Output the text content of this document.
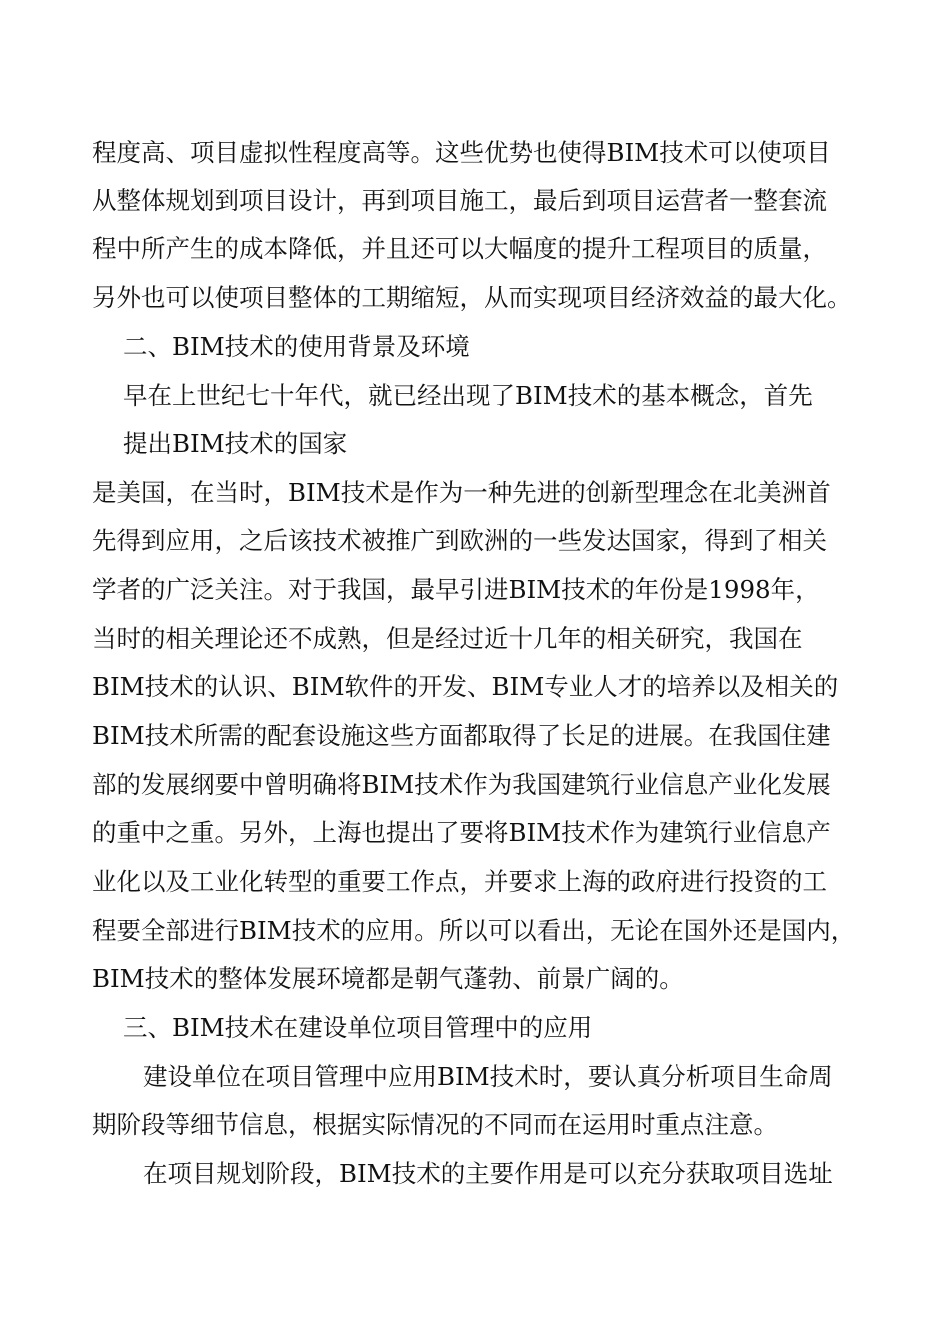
程度高、项目虚拟性程度高等。这些优势也使得BIM技术可以使项目
从整体规划到项目设计，再到项目施工，最后到项目运营者一整套流
程中所产生的成本降低，并且还可以大幅度的提升工程项目的质量，
另外也可以使项目整体的工期缩短，从而实现项目经济效益的最大化。
二、BIM技术的使用背景及环境
早在上世纪七十年代，就已经出现了BIM技术的基本概念，首先
提出BIM技术的国家
是美国，在当时，BIM技术是作为一种先进的创新型理念在北美洲首
先得到应用，之后该技术被推广到欧洲的一些发达国家，得到了相关
学者的广泛关注。对于我国，最早引进BIM技术的年份是1998年，
当时的相关理论还不成熟，但是经过近十几年的相关研究，我国在
BIM技术的认识、BIM软件的开发、BIM专业人才的培养以及相关的
BIM技术所需的配套设施这些方面都取得了长足的进展。在我国住建
部的发展纲要中曾明确将BIM技术作为我国建筑行业信息产业化发展
的重中之重。另外，上海也提出了要将BIM技术作为建筑行业信息产
业化以及工业化转型的重要工作点，并要求上海的政府进行投资的工
程要全部进行BIM技术的应用。所以可以看出，无论在国外还是国内，
BIM技术的整体发展环境都是朝气蓬勃、前景广阔的。
三、BIM技术在建设单位项目管理中的应用
建设单位在项目管理中应用BIM技术时，要认真分析项目生命周
期阶段等细节信息，根据实际情况的不同而在运用时重点注意。
在项目规划阶段，BIM技术的主要作用是可以充分获取项目选址
